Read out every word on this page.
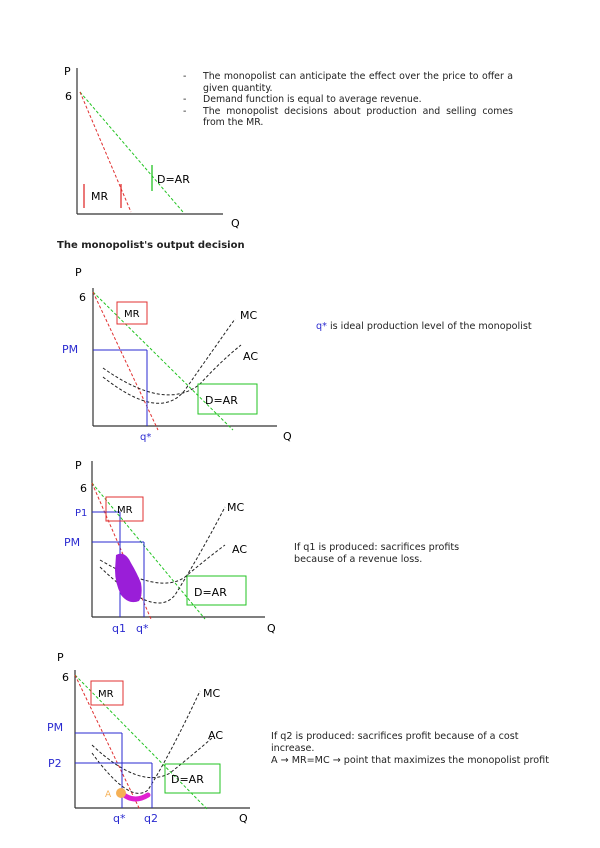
-	The monopolist can anticipate the effect over the price to offer a given quantity.
-	Demand function is equal to average revenue.
-	The monopolist decisions about production and selling comes from the MR.
P
6
Q
MR
D=AR
The monopolist's output decision
P
6
Q
MR	MC
AC
PM
q*
D=AR
q* is ideal production level of the monopolist
P
6
Q
MR	MC
AC
P1
PM
q1 q*
D=AR
If q1 is produced: sacrifices profits because of a revenue loss.
P
6
Q
A
MR	MC
AC
PM
P2
q* q2
D=AR
If q2 is produced: sacrifices profit because of a cost increase.
A → MR=MC → point that maximizes the monopolist profit
